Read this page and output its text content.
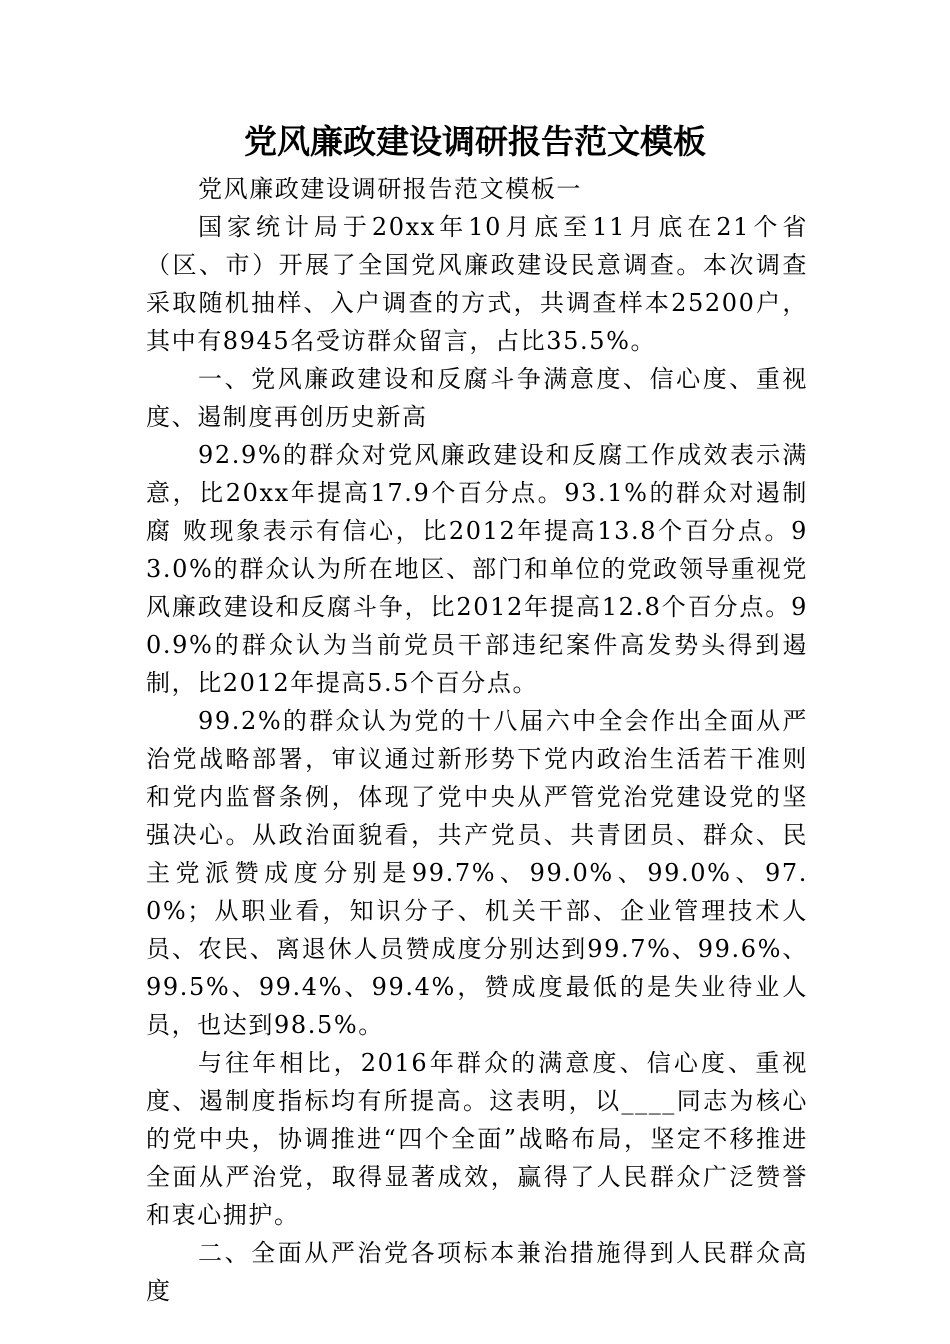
党风廉政建设调研报告范文模板

党风廉政建设调研报告范文模板一

国家统计局于20xx年10月底至11月底在21个省（区、市）开展了全国党风廉政建设民意调查。本次调查采取随机抽样、入户调查的方式，共调查样本25200户，其中有8945名受访群众留言，占比35.5%。

一、党风廉政建设和反腐斗争满意度、信心度、重视度、遏制度再创历史新高

92.9%的群众对党风廉政建设和反腐工作成效表示满意，比20xx年提高17.9个百分点。93.1%的群众对遏制腐 败现象表示有信心，比2012年提高13.8个百分点。93.0%的群众认为所在地区、部门和单位的党政领导重视党风廉政建设和反腐斗争，比2012年提高12.8个百分点。90.9%的群众认为当前党员干部违纪案件高发势头得到遏制，比2012年提高5.5个百分点。

99.2%的群众认为党的十八届六中全会作出全面从严治党战略部署，审议通过新形势下党内政治生活若干准则和党内监督条例，体现了党中央从严管党治党建设党的坚强决心。从政治面貌看，共产党员、共青团员、群众、民主党派赞成度分别是99.7%、99.0%、99.0%、97.0%；从职业看，知识分子、机关干部、企业管理技术人员、农民、离退休人员赞成度分别达到99.7%、99.6%、99.5%、99.4%、99.4%，赞成度最低的是失业待业人员，也达到98.5%。

与往年相比，2016年群众的满意度、信心度、重视度、遏制度指标均有所提高。这表明，以____同志为核心的党中央，协调推进“四个全面”战略布局，坚定不移推进全面从严治党，取得显著成效，赢得了人民群众广泛赞誉和衷心拥护。

二、全面从严治党各项标本兼治措施得到人民群众高度
